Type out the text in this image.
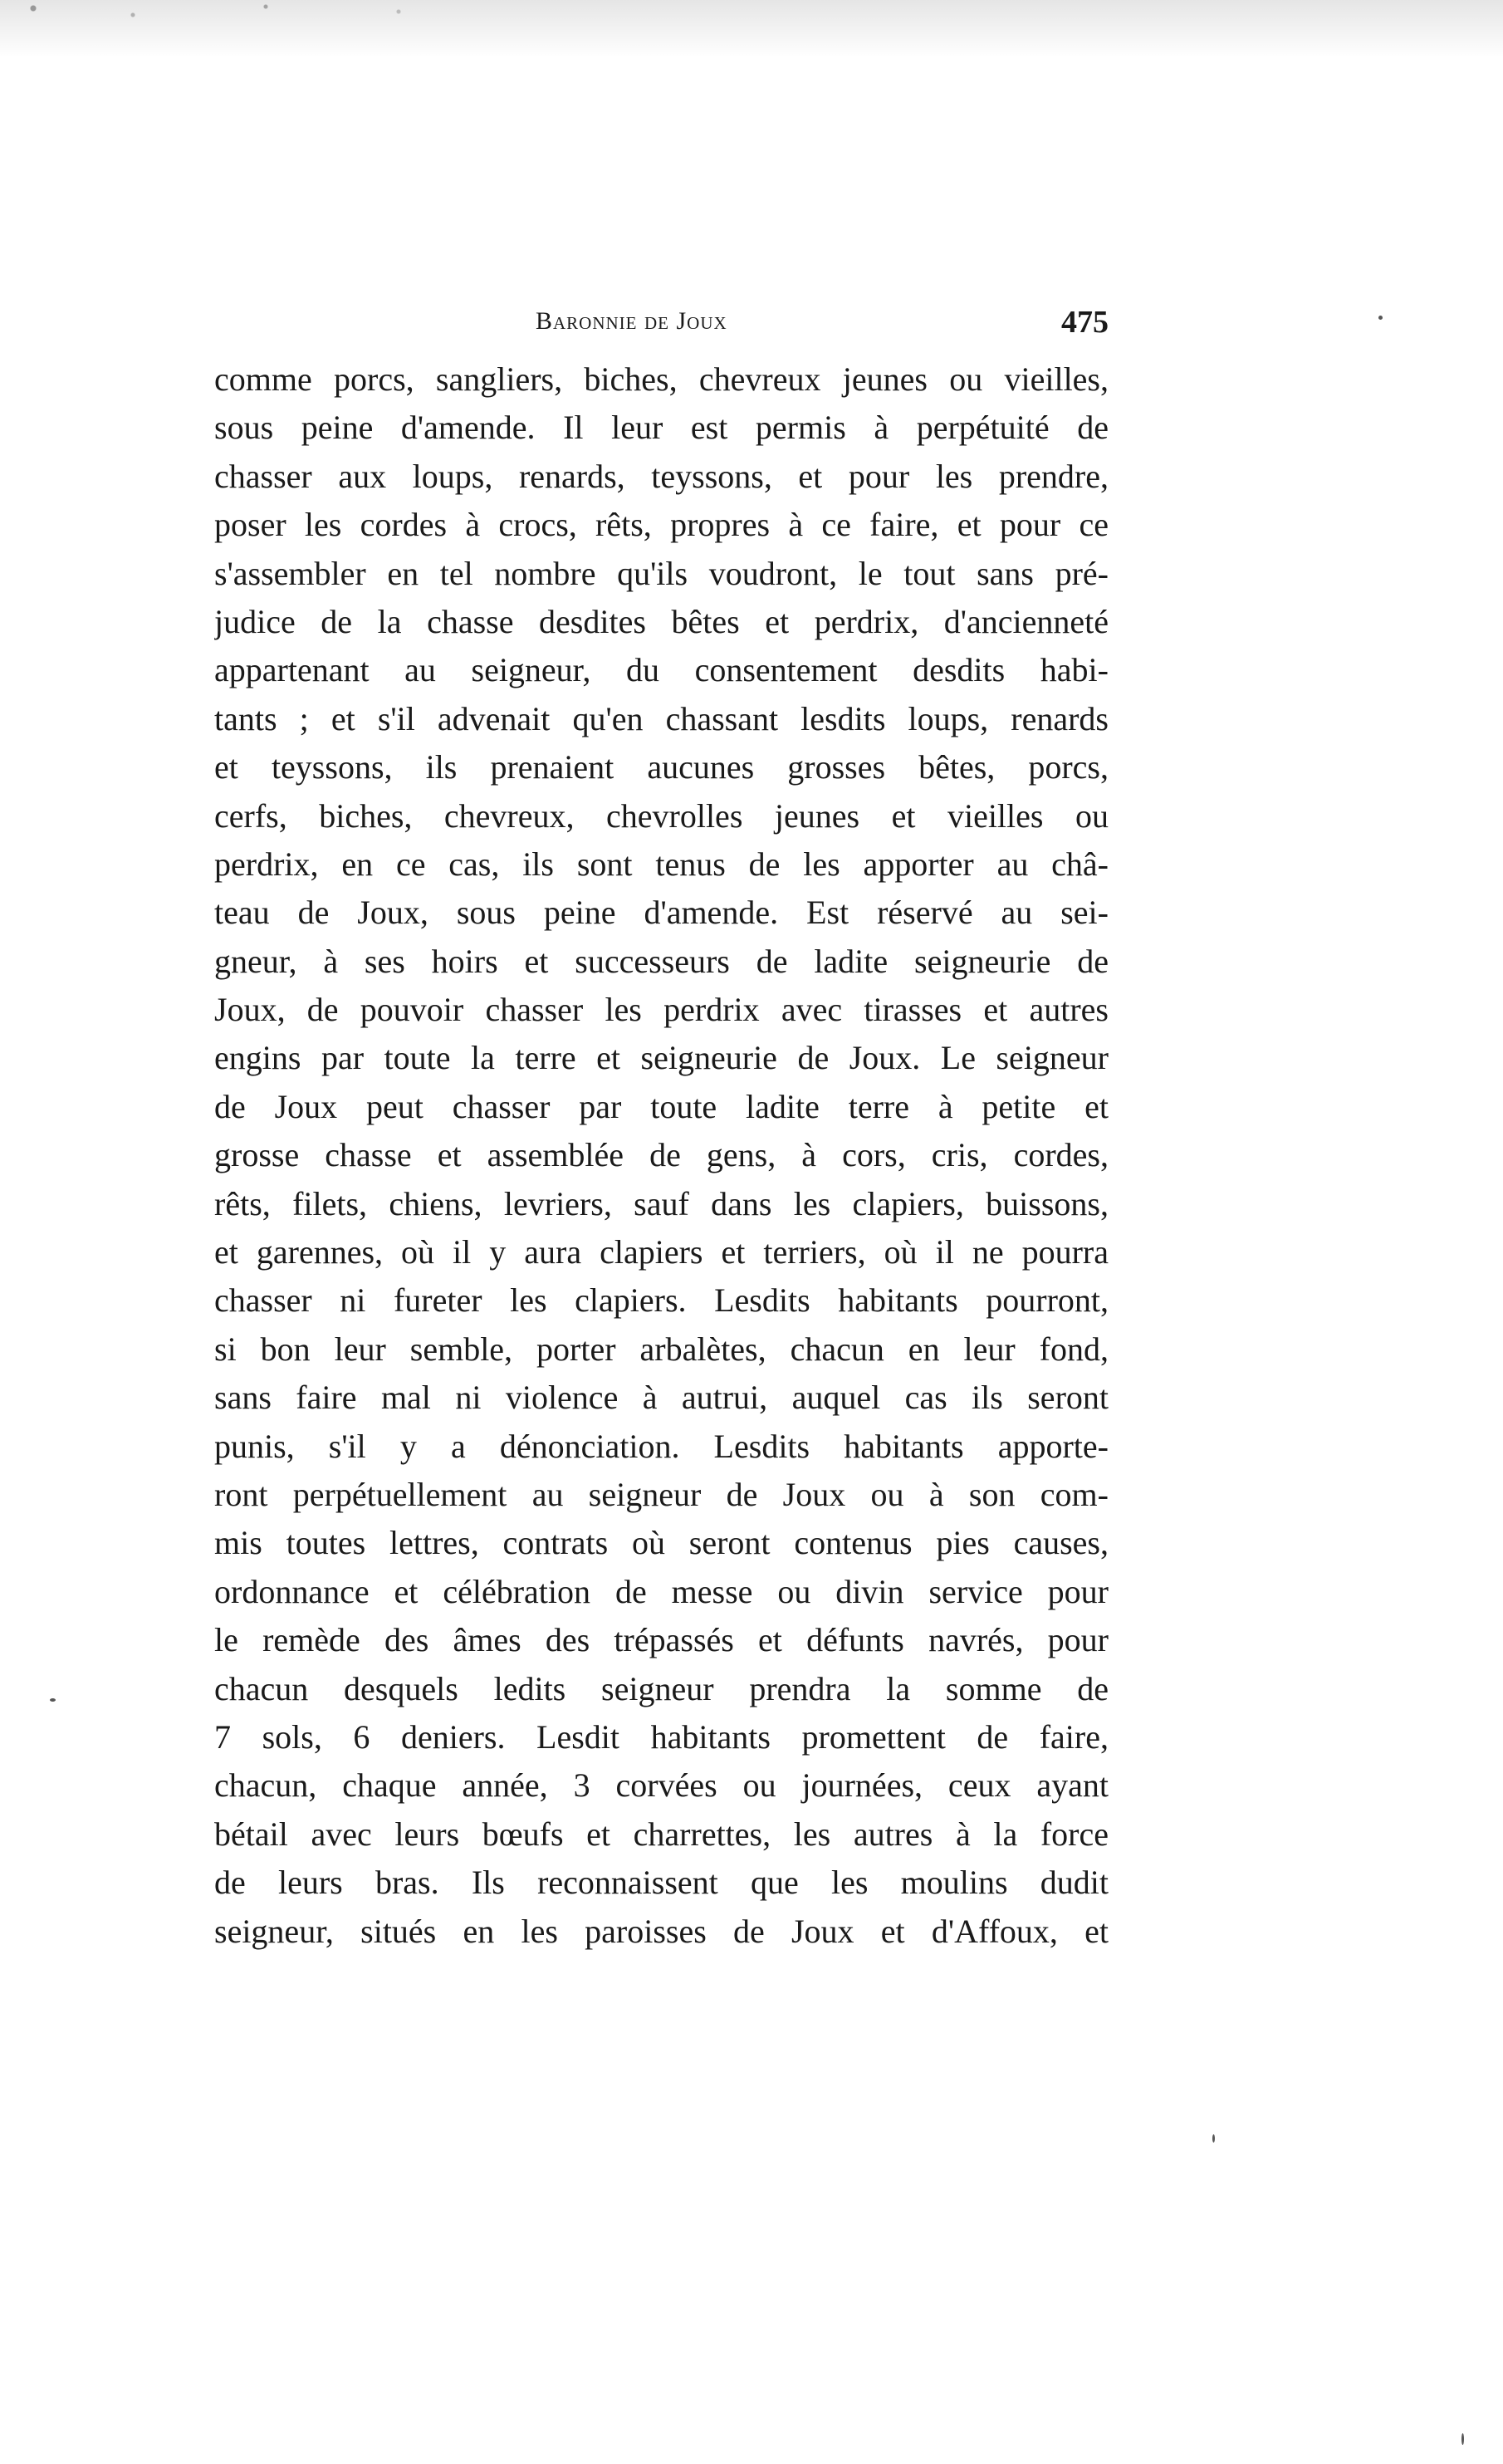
Baronnie de Joux	475
comme porcs, sangliers, biches, chevreux jeunes ou vieilles,
sous peine d'amende. Il leur est permis à perpétuité de
chasser aux loups, renards, teyssons, et pour les prendre,
poser les cordes à crocs, rêts, propres à ce faire, et pour ce
s'assembler en tel nombre qu'ils voudront, le tout sans pré-
judice de la chasse desdites bêtes et perdrix, d'ancienneté
appartenant au seigneur, du consentement desdits habi-
tants ; et s'il advenait qu'en chassant lesdits loups, renards
et teyssons, ils prenaient aucunes grosses bêtes, porcs,
cerfs, biches, chevreux, chevrolles jeunes et vieilles ou
perdrix, en ce cas, ils sont tenus de les apporter au châ-
teau de Joux, sous peine d'amende. Est réservé au sei-
gneur, à ses hoirs et successeurs de ladite seigneurie de
Joux, de pouvoir chasser les perdrix avec tirasses et autres
engins par toute la terre et seigneurie de Joux. Le seigneur
de Joux peut chasser par toute ladite terre à petite et
grosse chasse et assemblée de gens, à cors, cris, cordes,
rêts, filets, chiens, levriers, sauf dans les clapiers, buissons,
et garennes, où il y aura clapiers et terriers, où il ne pourra
chasser ni fureter les clapiers. Lesdits habitants pourront,
si bon leur semble, porter arbalètes, chacun en leur fond,
sans faire mal ni violence à autrui, auquel cas ils seront
punis, s'il y a dénonciation. Lesdits habitants apporte-
ront perpétuellement au seigneur de Joux ou à son com-
mis toutes lettres, contrats où seront contenus pies causes,
ordonnance et célébration de messe ou divin service pour
le remède des âmes des trépassés et défunts navrés, pour
chacun desquels ledits seigneur prendra la somme de
7 sols, 6 deniers. Lesdit habitants promettent de faire,
chacun, chaque année, 3 corvées ou journées, ceux ayant
bétail avec leurs bœufs et charrettes, les autres à la force
de leurs bras. Ils reconnaissent que les moulins dudit
seigneur, situés en les paroisses de Joux et d'Affoux, et
